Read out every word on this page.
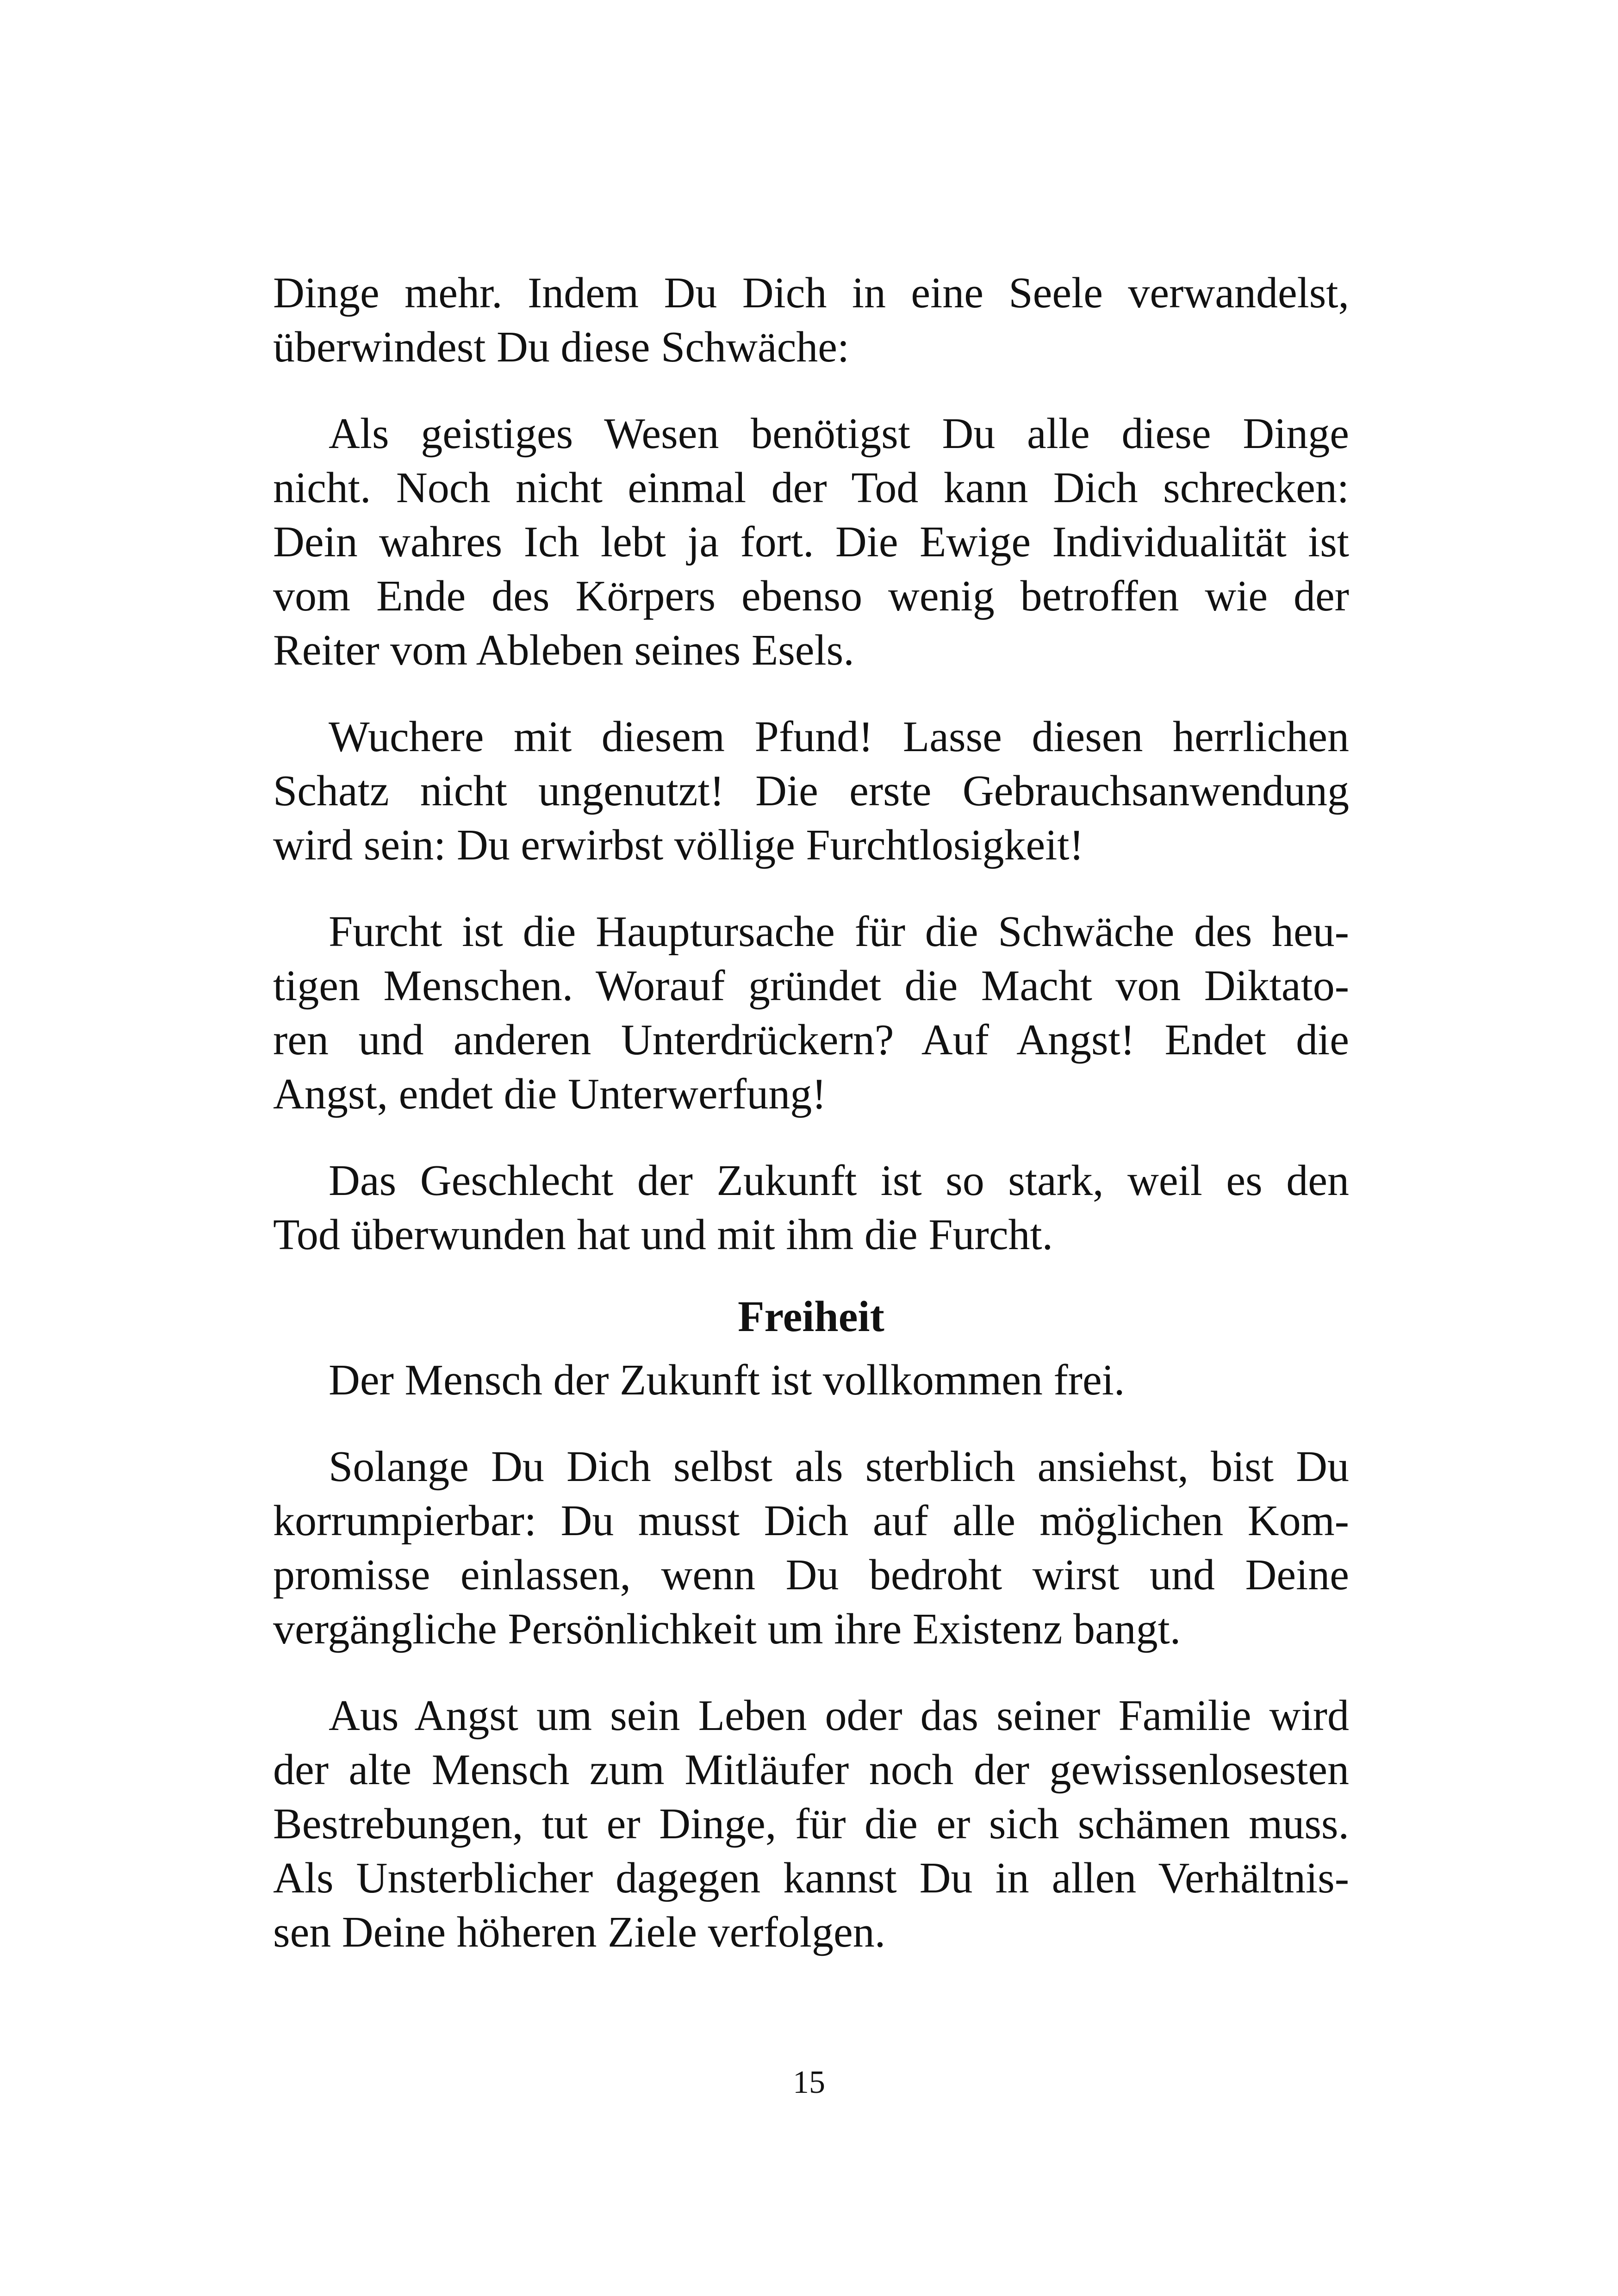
Dinge mehr. Indem Du Dich in eine Seele verwandelst,
überwindest Du diese Schwäche:
Als geistiges Wesen benötigst Du alle diese Dinge
nicht. Noch nicht einmal der Tod kann Dich schrecken:
Dein wahres Ich lebt ja fort. Die Ewige Individualität ist
vom Ende des Körpers ebenso wenig betroffen wie der
Reiter vom Ableben seines Esels.
Wuchere mit diesem Pfund! Lasse diesen herrlichen
Schatz nicht ungenutzt! Die erste Gebrauchsanwendung
wird sein: Du erwirbst völlige Furchtlosigkeit!
Furcht ist die Hauptursache für die Schwäche des heu-
tigen Menschen. Worauf gründet die Macht von Diktato-
ren und anderen Unterdrückern? Auf Angst! Endet die
Angst, endet die Unterwerfung!
Das Geschlecht der Zukunft ist so stark, weil es den
Tod überwunden hat und mit ihm die Furcht.
Freiheit
Der Mensch der Zukunft ist vollkommen frei.
Solange Du Dich selbst als sterblich ansiehst, bist Du
korrumpierbar: Du musst Dich auf alle möglichen Kom-
promisse einlassen, wenn Du bedroht wirst und Deine
vergängliche Persönlichkeit um ihre Existenz bangt.
Aus Angst um sein Leben oder das seiner Familie wird
der alte Mensch zum Mitläufer noch der gewissenlosesten
Bestrebungen, tut er Dinge, für die er sich schämen muss.
Als Unsterblicher dagegen kannst Du in allen Verhältnis-
sen Deine höheren Ziele verfolgen.
15
